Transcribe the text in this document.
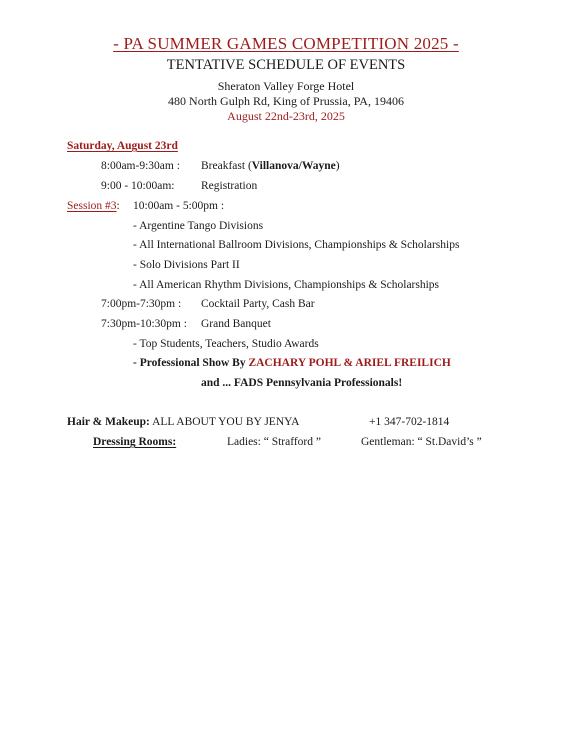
- PA SUMMER GAMES COMPETITION 2025 -
TENTATIVE SCHEDULE OF EVENTS
Sheraton Valley Forge Hotel
480 North Gulph Rd, King of Prussia, PA, 19406
August 22nd-23rd, 2025
Saturday, August 23rd
8:00am-9:30am : Breakfast (Villanova/Wayne)
9:00 - 10:00am: Registration
Session #3: 10:00am - 5:00pm :
- Argentine Tango Divisions
- All International Ballroom Divisions, Championships & Scholarships
- Solo Divisions Part II
- All American Rhythm Divisions, Championships & Scholarships
7:00pm-7:30pm : Cocktail Party, Cash Bar
7:30pm-10:30pm : Grand Banquet
- Top Students, Teachers, Studio Awards
- Professional Show By ZACHARY POHL & ARIEL FREILICH
and ... FADS Pennsylvania Professionals!
Hair & Makeup: ALL ABOUT YOU BY JENYA	+1 347-702-1814
Dressing Rooms:	Ladies: “ Strafford ”	Gentleman: “ St.David’s ”
